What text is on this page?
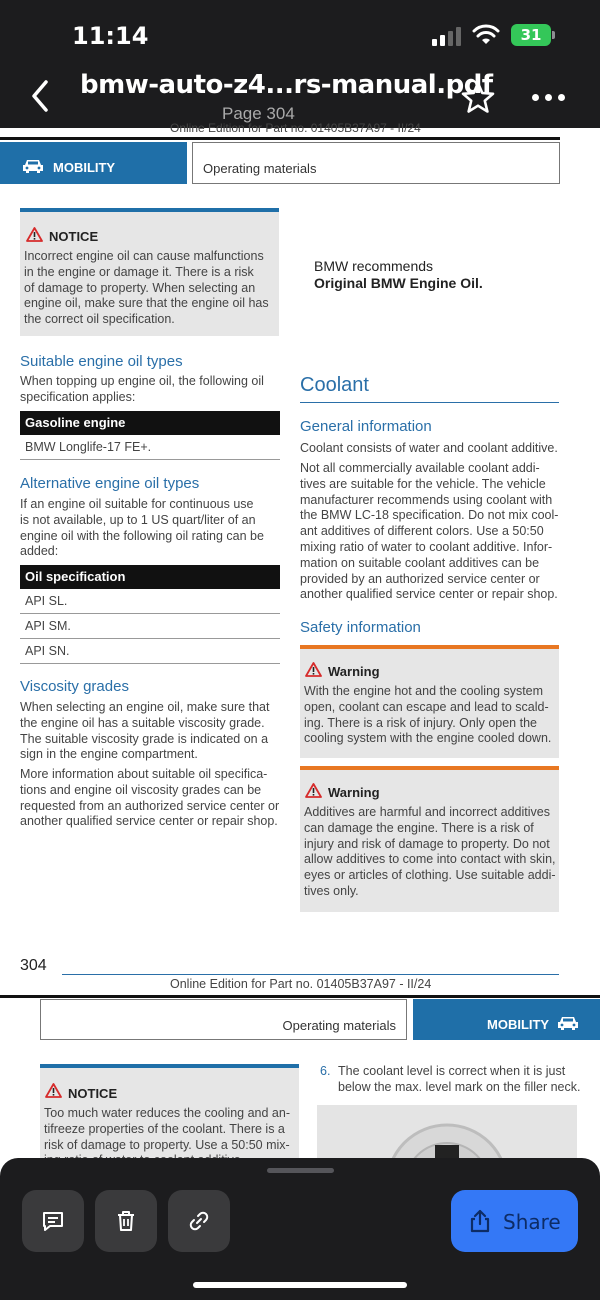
11:14	31
bmw-auto-z4...rs-manual.pdf
Page 304
Online Edition for Part no. 01405B37A97 - II/24
MOBILITY	Operating materials
NOTICE
Incorrect engine oil can cause malfunctions
in the engine or damage it. There is a risk
of damage to property. When selecting an
engine oil, make sure that the engine oil has
the correct oil specification.
Suitable engine oil types
When topping up engine oil, the following oil
specification applies:
Gasoline engine
BMW Longlife-17 FE+.
Alternative engine oil types
If an engine oil suitable for continuous use
is not available, up to 1 US quart/liter of an
engine oil with the following oil rating can be
added:
Oil specification
API SL.
API SM.
API SN.
Viscosity grades
When selecting an engine oil, make sure that
the engine oil has a suitable viscosity grade.
The suitable viscosity grade is indicated on a
sign in the engine compartment.
More information about suitable oil specifica-
tions and engine oil viscosity grades can be
requested from an authorized service center or
another qualified service center or repair shop.
BMW recommends
Original BMW Engine Oil.
Coolant
General information
Coolant consists of water and coolant additive.
Not all commercially available coolant addi-
tives are suitable for the vehicle. The vehicle
manufacturer recommends using coolant with
the BMW LC-18 specification. Do not mix cool-
ant additives of different colors. Use a 50:50
mixing ratio of water to coolant additive. Infor-
mation on suitable coolant additives can be
provided by an authorized service center or
another qualified service center or repair shop.
Safety information
Warning
With the engine hot and the cooling system
open, coolant can escape and lead to scald-
ing. There is a risk of injury. Only open the
cooling system with the engine cooled down.
Warning
Additives are harmful and incorrect additives
can damage the engine. There is a risk of
injury and risk of damage to property. Do not
allow additives to come into contact with skin,
eyes or articles of clothing. Use suitable addi-
tives only.
304
Online Edition for Part no. 01405B37A97 - II/24
Operating materials	MOBILITY
NOTICE
Too much water reduces the cooling and an-
tifreeze properties of the coolant. There is a
risk of damage to property. Use a 50:50 mix-
6. The coolant level is correct when it is just
below the max. level mark on the filler neck.
Share
